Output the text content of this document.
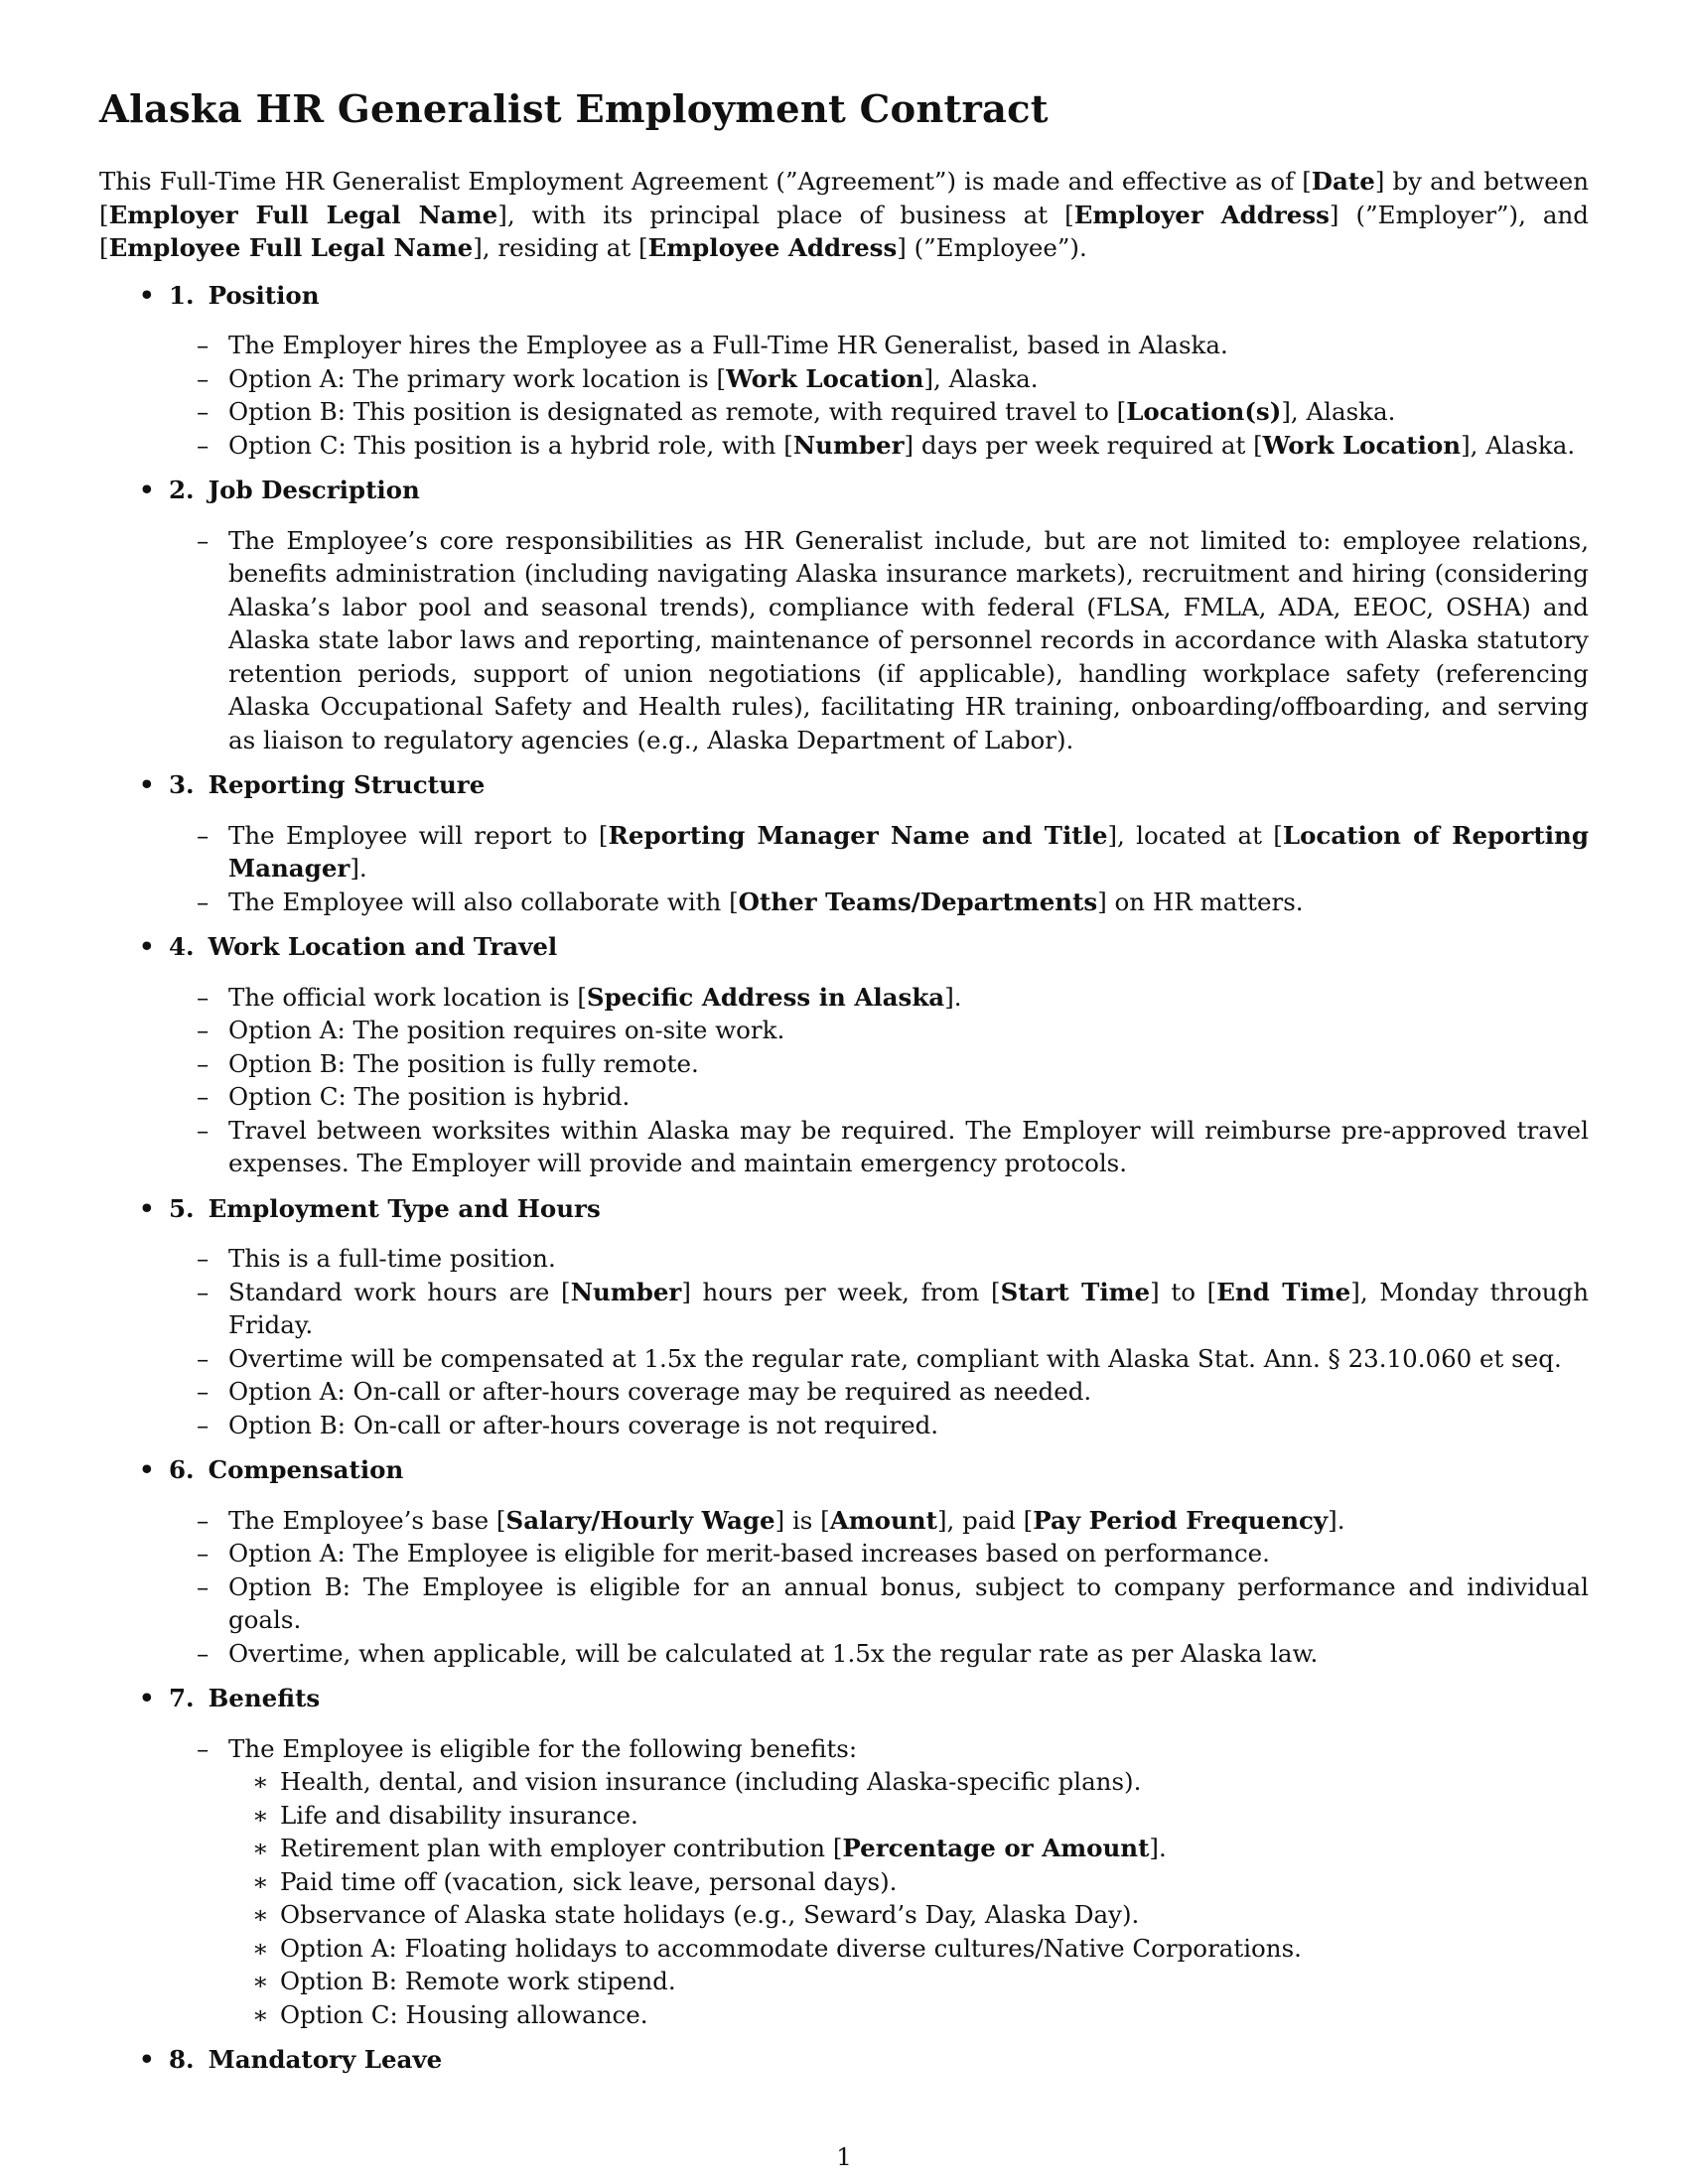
Alaska HR Generalist Employment Contract

This Full-Time HR Generalist Employment Agreement (”Agreement”) is made and effective as of [Date] by and between [Employer Full Legal Name], with its principal place of business at [Employer Address] (”Employer”), and [Employee Full Legal Name], residing at [Employee Address] (”Employee”).

• 1. Position
– The Employer hires the Employee as a Full-Time HR Generalist, based in Alaska.
– Option A: The primary work location is [Work Location], Alaska.
– Option B: This position is designated as remote, with required travel to [Location(s)], Alaska.
– Option C: This position is a hybrid role, with [Number] days per week required at [Work Location], Alaska.
• 2. Job Description
– The Employee’s core responsibilities as HR Generalist include, but are not limited to: employee relations, benefits administration (including navigating Alaska insurance markets), recruitment and hiring (considering Alaska’s labor pool and seasonal trends), compliance with federal (FLSA, FMLA, ADA, EEOC, OSHA) and Alaska state labor laws and reporting, maintenance of personnel records in accordance with Alaska statutory retention periods, support of union negotiations (if applicable), handling workplace safety (referencing Alaska Occupational Safety and Health rules), facilitating HR training, onboarding/offboarding, and serving as liaison to regulatory agencies (e.g., Alaska Department of Labor).
• 3. Reporting Structure
– The Employee will report to [Reporting Manager Name and Title], located at [Location of Reporting Manager].
– The Employee will also collaborate with [Other Teams/Departments] on HR matters.
• 4. Work Location and Travel
– The official work location is [Specific Address in Alaska].
– Option A: The position requires on-site work.
– Option B: The position is fully remote.
– Option C: The position is hybrid.
– Travel between worksites within Alaska may be required. The Employer will reimburse pre-approved travel expenses. The Employer will provide and maintain emergency protocols.
• 5. Employment Type and Hours
– This is a full-time position.
– Standard work hours are [Number] hours per week, from [Start Time] to [End Time], Monday through Friday.
– Overtime will be compensated at 1.5x the regular rate, compliant with Alaska Stat. Ann. § 23.10.060 et seq.
– Option A: On-call or after-hours coverage may be required as needed.
– Option B: On-call or after-hours coverage is not required.
• 6. Compensation
– The Employee’s base [Salary/Hourly Wage] is [Amount], paid [Pay Period Frequency].
– Option A: The Employee is eligible for merit-based increases based on performance.
– Option B: The Employee is eligible for an annual bonus, subject to company performance and individual goals.
– Overtime, when applicable, will be calculated at 1.5x the regular rate as per Alaska law.
• 7. Benefits
– The Employee is eligible for the following benefits:

∗ Health, dental, and vision insurance (including Alaska-specific plans).
∗ Life and disability insurance.
∗ Retirement plan with employer contribution [Percentage or Amount].
∗ Paid time off (vacation, sick leave, personal days).
∗ Observance of Alaska state holidays (e.g., Seward’s Day, Alaska Day).
∗ Option A: Floating holidays to accommodate diverse cultures/Native Corporations.
∗ Option B: Remote work stipend.
∗ Option C: Housing allowance.
• 8. Mandatory Leave
1
